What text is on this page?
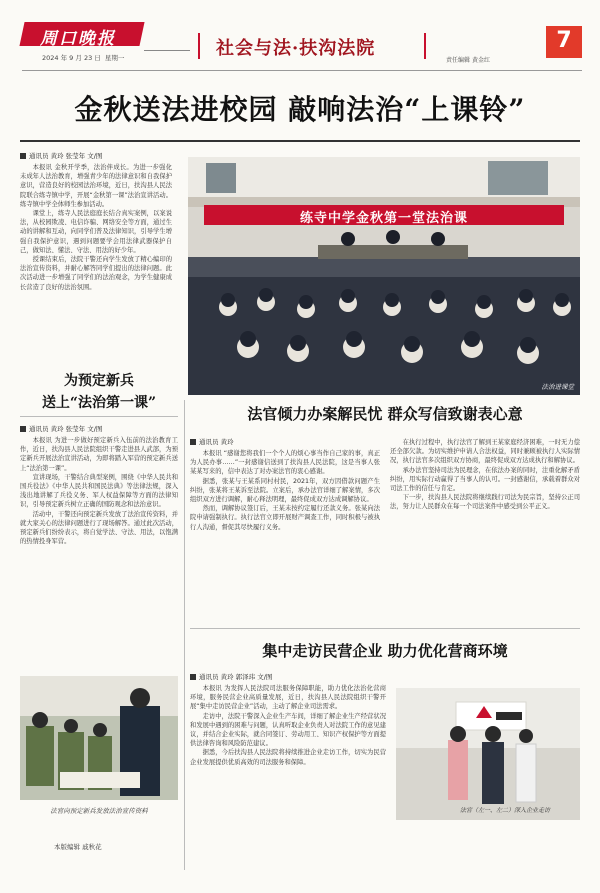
周口晚报
2024 年 9 月 23 日 星期一	社会与法·扶沟法院
责任编辑 黄金红
7
金秋送法进校园 敲响法治“上课铃”
通讯员 黄玲 张莹年 文/图

本报讯 金秋开学季，法治伴成长。为进一步强化未成年人法治教育，增强青少年的法律意识和自我保护意识，营造良好的校园法治环境，近日，扶沟县人民法院联合练寺镇中学，开展“金秋第一课”法治宣讲活动。练寺镇中学全体师生参加活动。

课堂上，练寺人民法庭庭长结合真实案例，以案说法，从校园欺凌、电信诈骗、网络安全等方面，通过生动的讲解和互动，向同学们普及法律知识，引导学生增强自我保护意识，遇到问题要学会用法律武器保护自己，做知法、懂法、守法、用法的好少年。

授课结束后，法院干警还向学生发放了精心编印的法治宣传资料，并耐心解答同学们提出的法律问题。此次活动进一步增强了同学们的法治观念，为学生健康成长营造了良好的法治氛围。

练寺中学金秋第一堂法治课
法治进课堂
为预定新兵
送上“法治第一课”
通讯员 黄玲 张莹年 文/图

本报讯 为进一步做好预定新兵入伍前的法治教育工作，近日，扶沟县人民法院组织干警走进县人武部，为预定新兵开展法治宣讲活动，为即将踏入军营的预定新兵送上“法治第一课”。

宣讲现场，干警结合典型案例，围绕《中华人民共和国兵役法》《中华人民共和国民法典》等法律法规，深入浅出地讲解了兵役义务、军人权益保障等方面的法律知识，引导预定新兵树立正确的国防观念和法治意识。

活动中，干警还向预定新兵发放了法治宣传资料，并就大家关心的法律问题进行了现场解答。通过此次活动，预定新兵们纷纷表示，将自觉学法、守法、用法，以饱满的热情投身军营。

法官向预定新兵发放法治宣传资料
本版编辑 戚秋花
法官倾力办案解民忧 群众写信致谢表心意
通讯员 黄玲

本报讯 “感谢您将我们一个个人的烦心事当作自己家的事，真正为人民办事……”一封感谢信送到了扶沟县人民法院，这是当事人张某某写来的，信中表达了对办案法官的衷心感谢。

据悉，张某与王某系同村村民，2021年，双方因借款问题产生纠纷，张某将王某诉至法院。立案后，承办法官详细了解案情，多次组织双方进行调解，耐心释法明理，最终促成双方达成调解协议。

然而，调解协议签订后，王某未按约定履行还款义务。张某向法院申请强制执行。执行法官立即开展财产调查工作，同时积极与被执行人沟通，督促其尽快履行义务。

在执行过程中，执行法官了解到王某家庭经济困难，一时无力偿还全部欠款。为切实维护申请人合法权益，同时兼顾被执行人实际情况，执行法官多次组织双方协商，最终促成双方达成执行和解协议。

承办法官坚持司法为民理念，在依法办案的同时，注重化解矛盾纠纷，用实际行动赢得了当事人的认可。一封感谢信，承载着群众对司法工作的信任与肯定。

下一步，扶沟县人民法院将继续践行司法为民宗旨，坚持公正司法，努力让人民群众在每一个司法案件中感受到公平正义。

集中走访民营企业 助力优化营商环境
通讯员 黄玲 郭泽玮 文/图

本报讯 为发挥人民法院司法服务保障职能，助力优化法治化营商环境，服务民营企业高质量发展，近日，扶沟县人民法院组织干警开展“集中走访民营企业”活动，主动了解企业司法需求。

走访中，法院干警深入企业生产车间，详细了解企业生产经营状况和发展中遇到的困难与问题，认真听取企业负责人对法院工作的意见建议，并结合企业实际，就合同签订、劳动用工、知识产权保护等方面提供法律咨询和风险防范建议。

据悉，今后扶沟县人民法院将持续推进企业走访工作，切实为民营企业发展提供优质高效的司法服务和保障。

法官（左一、左二）深入企业走访
